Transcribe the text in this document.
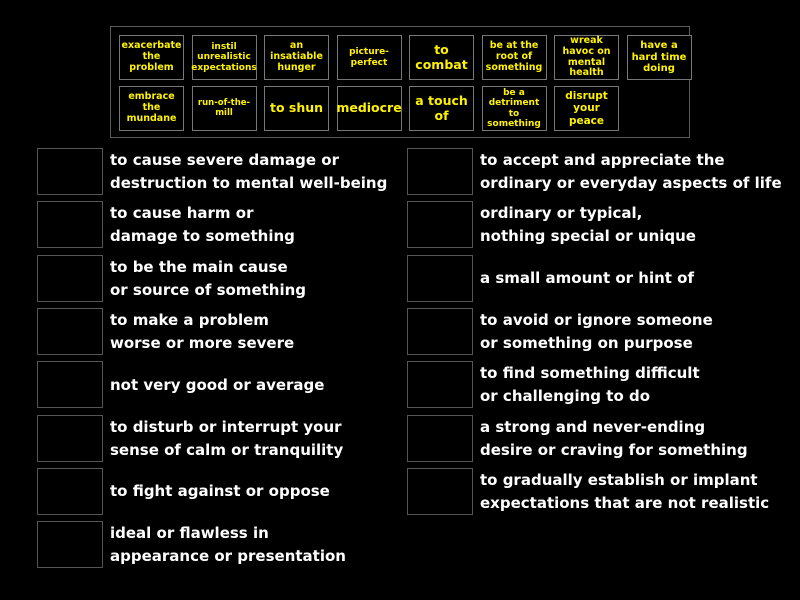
exacerbate the problem
instil unrealistic expectations
an insatiable hunger
picture-perfect
to combat
be at the root of something
wreak havoc on mental health
have a hard time doing
embrace the mundane
run-of-the-mill	to shun	mediocre	a touch of
be a detriment to something
disrupt your peace
to cause severe damage or
destruction to mental well-being
to cause harm or
damage to something
to be the main cause
or source of something
to make a problem
worse or more severe
not very good or average
to disturb or interrupt your
sense of calm or tranquility
to fight against or oppose
ideal or flawless in
appearance or presentation
to accept and appreciate the
ordinary or everyday aspects of life
ordinary or typical,
nothing special or unique
a small amount or hint of
to avoid or ignore someone
or something on purpose
to find something difficult
or challenging to do
a strong and never-ending
desire or craving for something
to gradually establish or implant
expectations that are not realistic
